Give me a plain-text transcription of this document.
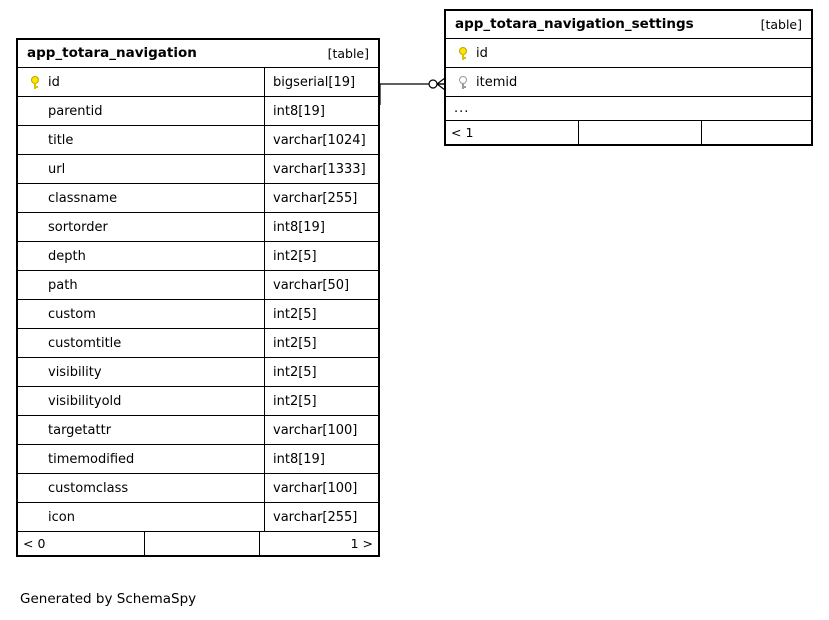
app_totara_navigation	[table]
id	bigserial[19]
parentid	int8[19]
title	varchar[1024]
url	varchar[1333]
classname	varchar[255]
sortorder	int8[19]
depth	int2[5]
path	varchar[50]
custom	int2[5]
customtitle	int2[5]
visibility	int2[5]
visibilityold	int2[5]
targetattr	varchar[100]
timemodified	int8[19]
customclass	varchar[100]
icon	varchar[255]
< 0	1 >
app_totara_navigation_settings	[table]
id
itemid
...
< 1
Generated by SchemaSpy
